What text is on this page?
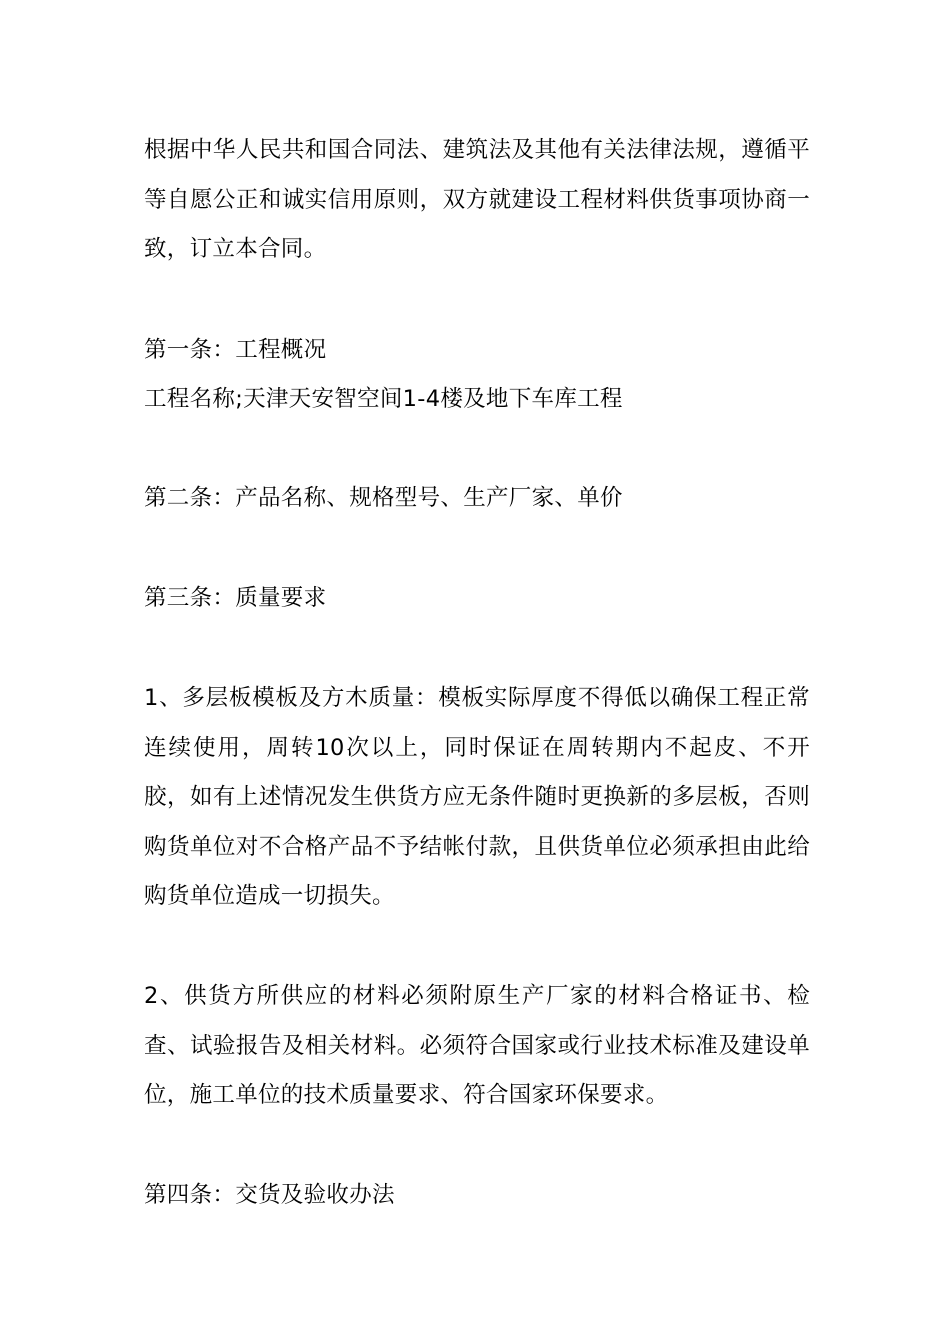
根据中华人民共和国合同法、建筑法及其他有关法律法规，遵循平等自愿公正和诚实信用原则，双方就建设工程材料供货事项协商一致，订立本合同。
第一条：工程概况
工程名称;天津天安智空间1-4楼及地下车库工程
第二条：产品名称、规格型号、生产厂家、单价
第三条：质量要求
1、多层板模板及方木质量：模板实际厚度不得低以确保工程正常连续使用，周转10次以上，同时保证在周转期内不起皮、不开胶，如有上述情况发生供货方应无条件随时更换新的多层板，否则购货单位对不合格产品不予结帐付款，且供货单位必须承担由此给购货单位造成一切损失。
2、供货方所供应的材料必须附原生产厂家的材料合格证书、检查、试验报告及相关材料。必须符合国家或行业技术标准及建设单位，施工单位的技术质量要求、符合国家环保要求。
第四条：交货及验收办法
